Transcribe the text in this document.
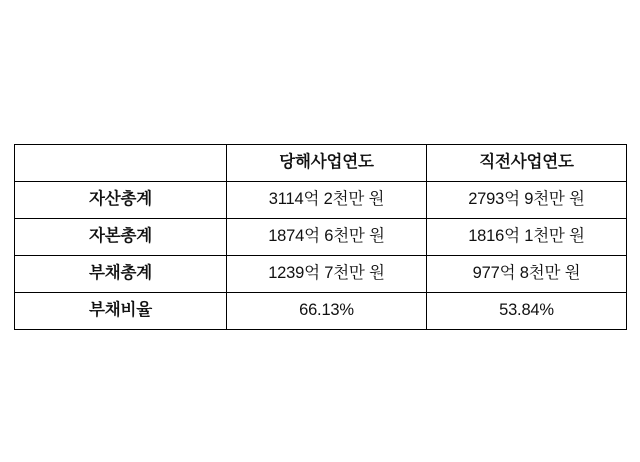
	당해사업연도	직전사업연도
자산총계	3114억 2천만 원	2793억 9천만 원
자본총계	1874억 6천만 원	1816억 1천만 원
부채총계	1239억 7천만 원	977억 8천만 원
부채비율	66.13%	53.84%
